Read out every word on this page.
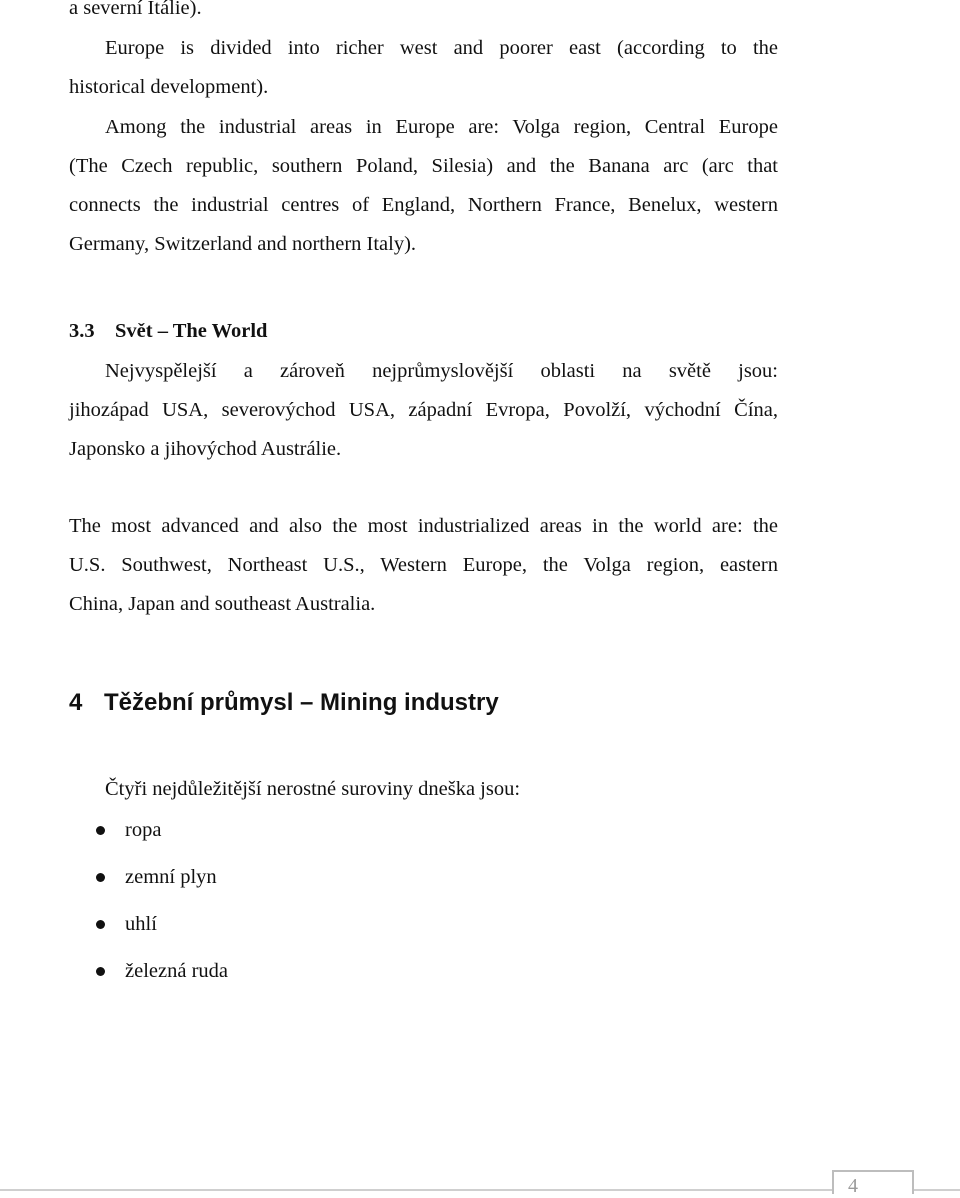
a severní Itálie).
Europe is divided into richer west and poorer east (according to the
historical development).
Among the industrial areas in Europe are: Volga region, Central Europe
(The Czech republic, southern Poland, Silesia) and the Banana arc (arc that
connects the industrial centres of England, Northern France, Benelux, western
Germany, Switzerland and northern Italy).
3.3 Svět – The World
Nejvyspělejší a zároveň nejprůmyslovější oblasti na světě jsou:
jihozápad USA, severovýchod USA, západní Evropa, Povolží, východní Čína,
Japonsko a jihovýchod Austrálie.
The most advanced and also the most industrialized areas in the world are: the
U.S. Southwest, Northeast U.S., Western Europe, the Volga region, eastern
China, Japan and southeast Australia.
4 Těžební průmysl – Mining industry
Čtyři nejdůležitější nerostné suroviny dneška jsou:
ropa
zemní plyn
uhlí
železná ruda
4
